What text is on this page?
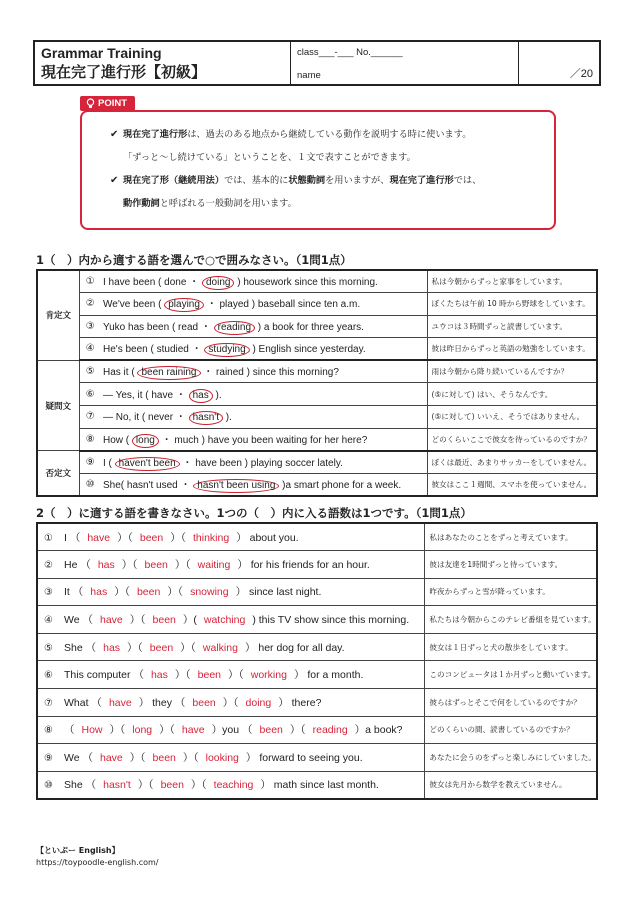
Grammar Training
現在完了進行形【初級】
class___-___ No.______
name	／20
POINT
✔ 現在完了進行形は、過去のある地点から継続している動作を説明する時に使います。
「ずっと〜し続けている」ということを、１文で表すことができます。
✔ 現在完了形（継続用法）では、基本的に状態動詞を用いますが、現在完了進行形では、
動作動詞と呼ばれる一般動詞を用います。
1（　）内から適する語を選んで○で囲みなさい。（1問1点）
肯定文	①	I have been ( done ・ doing ) housework since this morning.	私は今朝からずっと家事をしています。
	②	We've been ( playing ・ played ) baseball since ten a.m.	ぼくたちは午前 10 時から野球をしています。
	③	Yuko has been ( read ・ reading ) a book for three years.	ユウコは３時間ずっと読書しています。
	④	He's been ( studied ・ studying ) English since yesterday.	彼は昨日からずっと英語の勉強をしています。
疑問文	⑤	Has it ( been raining ・ rained ) since this morning?	雨は今朝から降り続いているんですか？
	⑥	— Yes, it ( have ・ has ).	(⑤に対して) はい、そうなんです。
	⑦	— No, it ( never ・ hasn't ).	(⑤に対して) いいえ、そうではありません。
	⑧	How ( long ・ much ) have you been waiting for her here?	どのくらいここで彼女を待っているのですか？
否定文	⑨	I ( haven't been ・ have been ) playing soccer lately.	ぼくは最近、あまりサッカーをしていません。
	⑩	She( hasn't used ・ hasn't been using )a smart phone for a week.	彼女はここ１週間、スマホを使っていません。
2（　）に適する語を書きなさい。1つの（　）内に入る語数は1つです。（1問1点）
① I （ have ）（ been ）（ thinking ） about you.	私はあなたのことをずっと考えています。
② He （ has ）（ been ）（ waiting ） for his friends for an hour.	彼は友達を1時間ずっと待っています。
③ It （ has ）（ been ）（ snowing ） since last night.	昨夜からずっと雪が降っています。
④ We （ have ）（ been ）( watching ) this TV show since this morning.	私たちは今朝からこのテレビ番組を見ています。
⑤ She （ has ）（ been ）（ walking ） her dog for all day.	彼女は１日ずっと犬の散歩をしています。
⑥ This computer （ has ）（ been ）（ working ） for a month.	このコンピュータは１か月ずっと動いています。
⑦ What （ have ） they （ been ）（ doing ） there?	彼らはずっとそこで何をしているのですか？
⑧ （ How ）（ long ）（ have ）you （ been ）（ reading ）a book?	どのくらいの間、読書しているのですか？
⑨ We （ have ）（ been ）（ looking ） forward to seeing you.	あなたに会うのをずっと楽しみにしていました。
⑩ She （ hasn't ）（ been ）（ teaching ） math since last month.	彼女は先月から数学を教えていません。
【といぷー English】
https://toypoodle-english.com/
